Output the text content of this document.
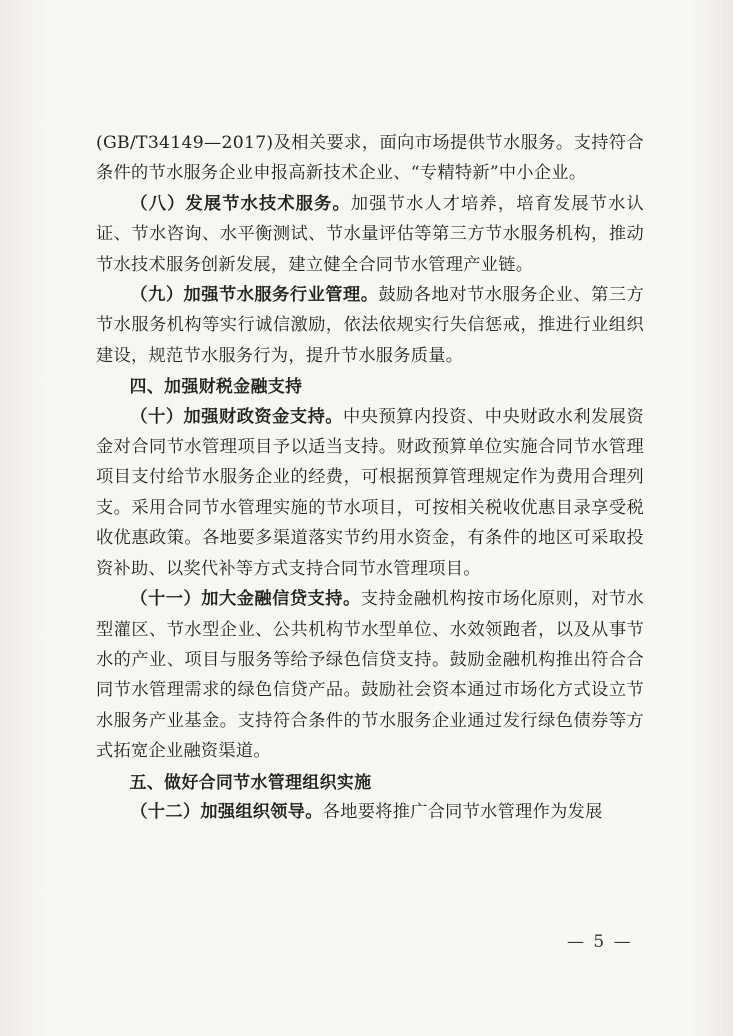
(GB/T34149—2017)及相关要求，面向市场提供节水服务。支持符合条件的节水服务企业申报高新技术企业、“专精特新”中小企业。

（八）发展节水技术服务。加强节水人才培养，培育发展节水认证、节水咨询、水平衡测试、节水量评估等第三方节水服务机构，推动节水技术服务创新发展，建立健全合同节水管理产业链。

（九）加强节水服务行业管理。鼓励各地对节水服务企业、第三方节水服务机构等实行诚信激励，依法依规实行失信惩戒，推进行业组织建设，规范节水服务行为，提升节水服务质量。

四、加强财税金融支持

（十）加强财政资金支持。中央预算内投资、中央财政水利发展资金对合同节水管理项目予以适当支持。财政预算单位实施合同节水管理项目支付给节水服务企业的经费，可根据预算管理规定作为费用合理列支。采用合同节水管理实施的节水项目，可按相关税收优惠目录享受税收优惠政策。各地要多渠道落实节约用水资金，有条件的地区可采取投资补助、以奖代补等方式支持合同节水管理项目。

（十一）加大金融信贷支持。支持金融机构按市场化原则，对节水型灌区、节水型企业、公共机构节水型单位、水效领跑者，以及从事节水的产业、项目与服务等给予绿色信贷支持。鼓励金融机构推出符合合同节水管理需求的绿色信贷产品。鼓励社会资本通过市场化方式设立节水服务产业基金。支持符合条件的节水服务企业通过发行绿色债券等方式拓宽企业融资渠道。

五、做好合同节水管理组织实施

（十二）加强组织领导。各地要将推广合同节水管理作为发展

— 5 —
